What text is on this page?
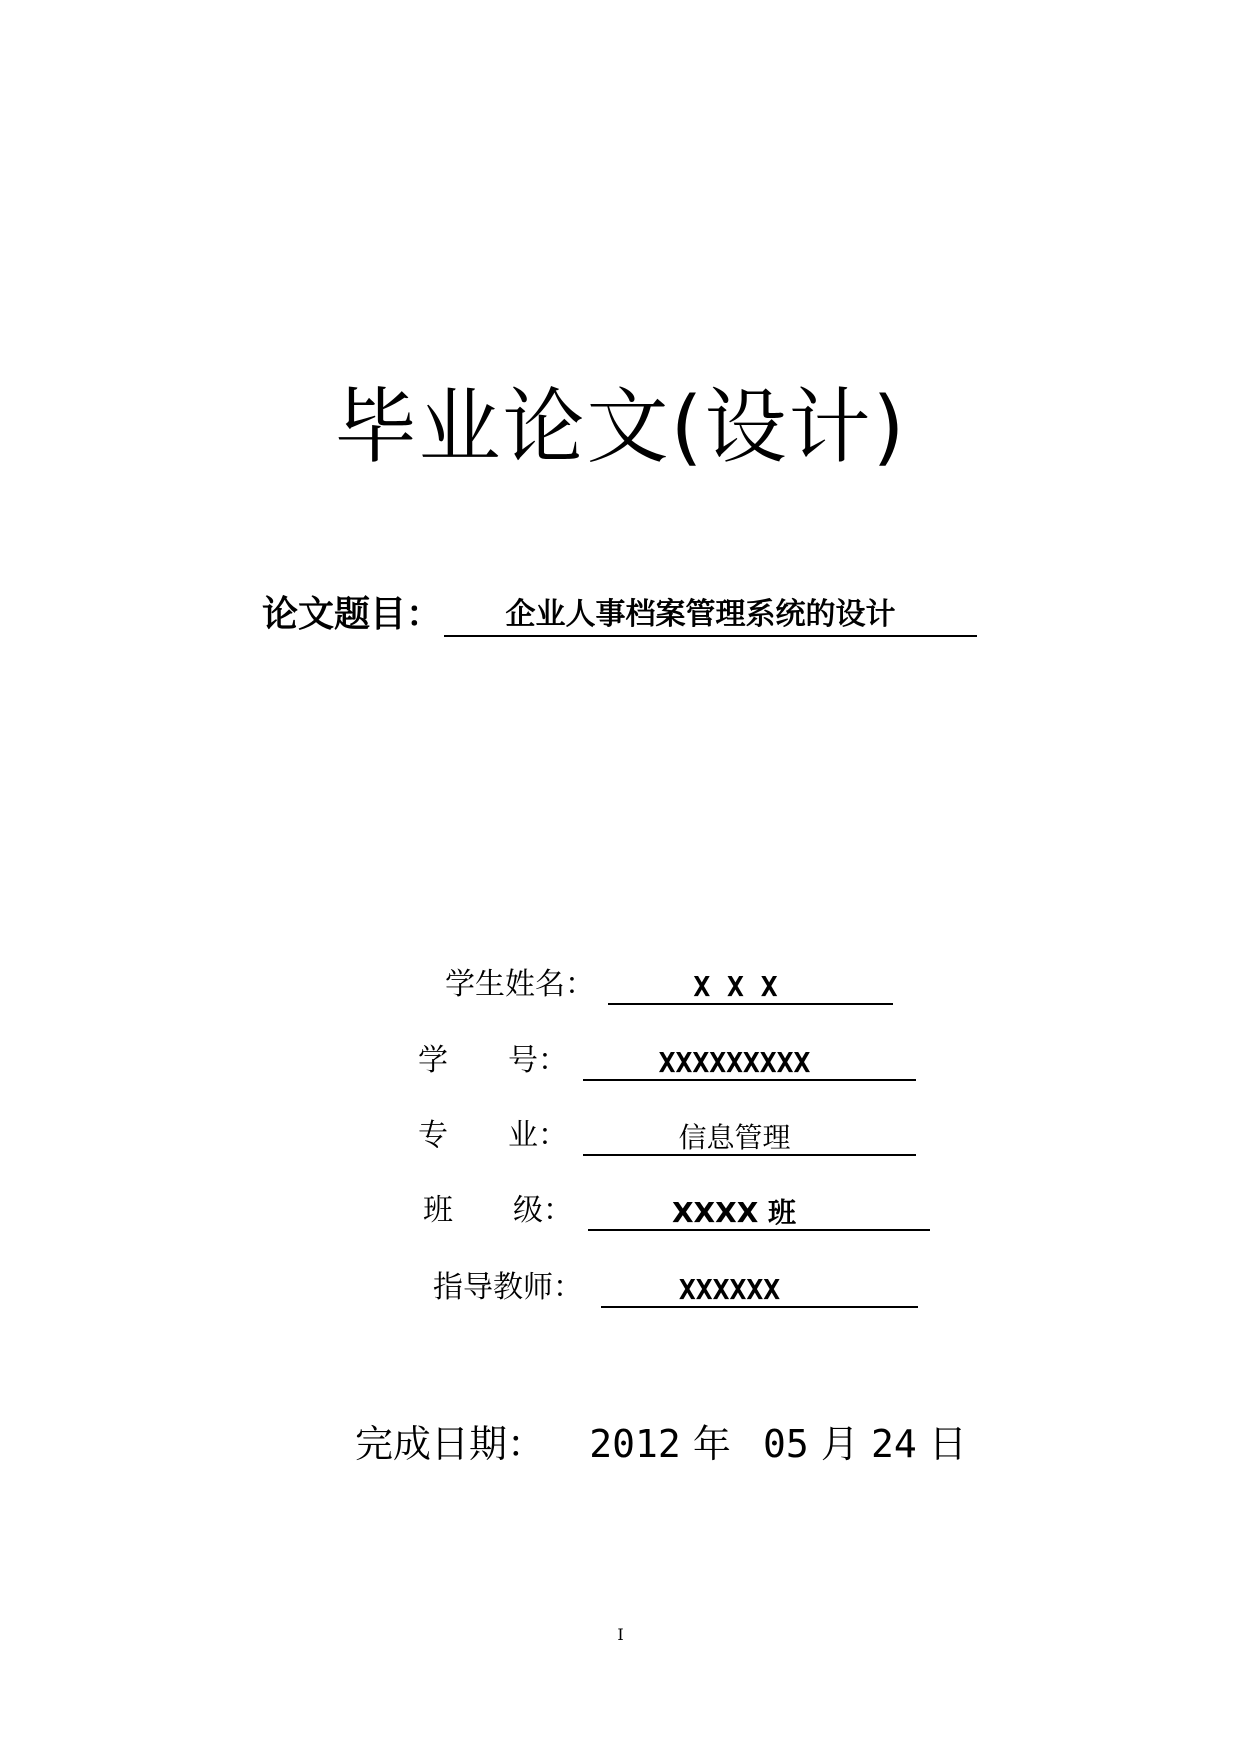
毕业论文(设计)
论文题目：	企业人事档案管理系统的设计
学生姓名：	X X X
学　　号：	XXXXXXXXX
专　　业：	信息管理
班　　级：	XXXX 班
指导教师：	XXXXXX
完成日期： 2012 年 05 月 24 日
I
